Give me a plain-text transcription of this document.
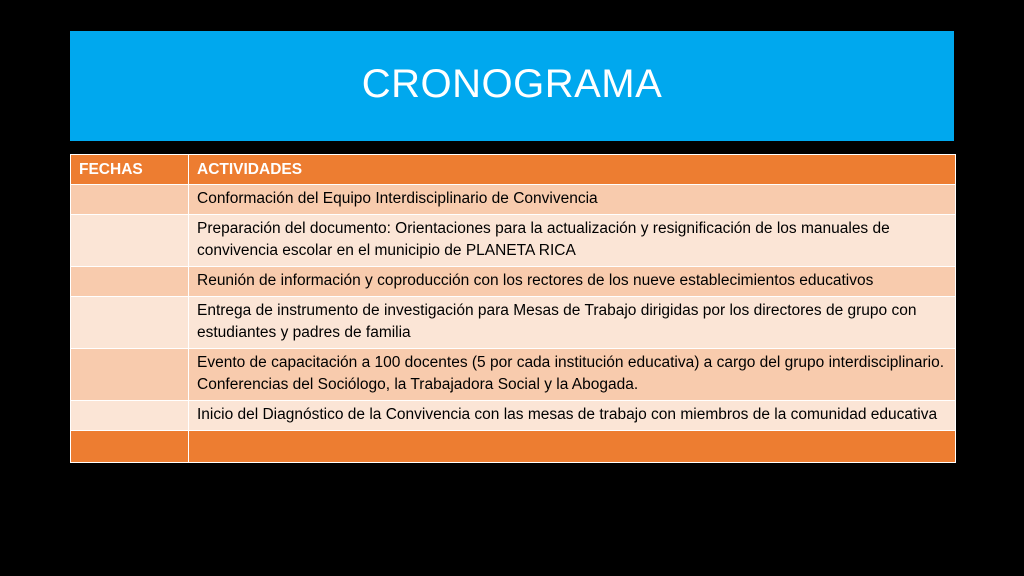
CRONOGRAMA
FECHAS	ACTIVIDADES
	Conformación del Equipo Interdisciplinario de Convivencia
	Preparación del documento: Orientaciones para la actualización y resignificación de los manuales de convivencia escolar en el municipio de PLANETA RICA
	Reunión de información y coproducción con los rectores de los nueve establecimientos educativos
	Entrega de instrumento de investigación para Mesas de Trabajo dirigidas por los directores de grupo con estudiantes y padres de familia
	Evento de capacitación a 100 docentes (5 por cada institución educativa) a cargo del grupo interdisciplinario. Conferencias del Sociólogo, la Trabajadora Social y la Abogada.
	Inicio del Diagnóstico de la Convivencia con las mesas de trabajo con miembros de la comunidad educativa
